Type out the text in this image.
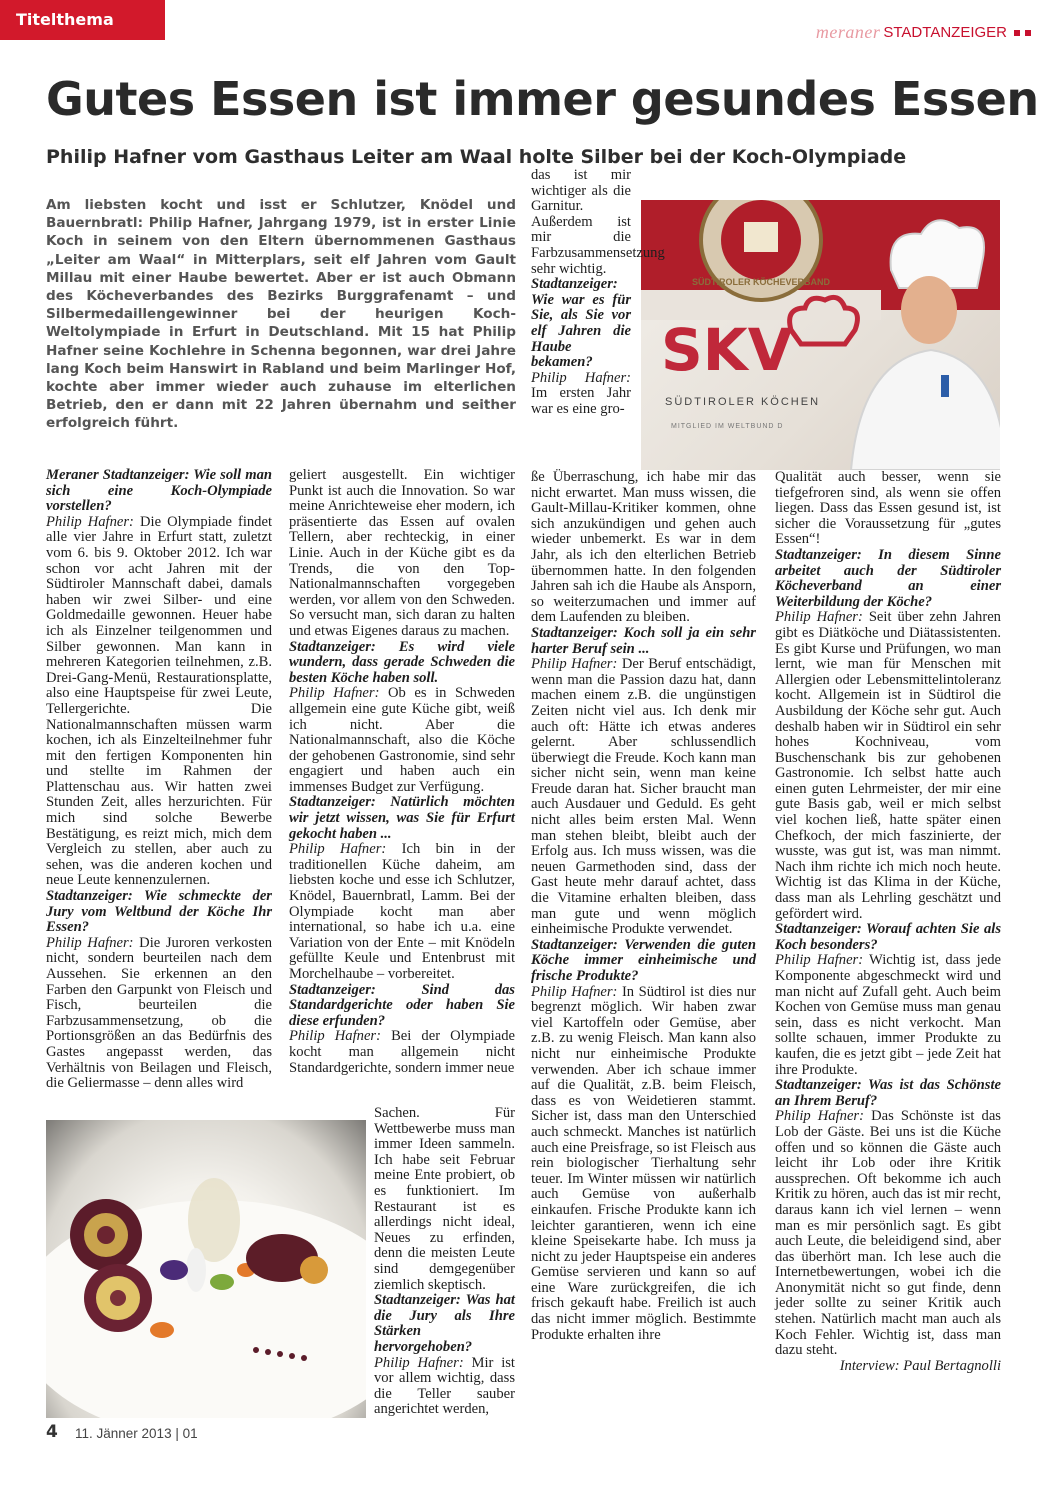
Titelthema
meraner STADTANZEIGER
Gutes Essen ist immer gesundes Essen
Philip Hafner vom Gasthaus Leiter am Waal holte Silber bei der Koch-Olympiade

Am liebsten kocht und isst er Schlutzer, Knödel und Bauernbratl: Philip Hafner, Jahrgang 1979, ist in erster Linie Koch in seinem von den Eltern übernommenen Gasthaus „Leiter am Waal“ in Mitterplars, seit elf Jahren vom Gault Millau mit einer Haube bewertet. Aber er ist auch Obmann des Köcheverbandes des Bezirks Burggrafenamt – und Silbermedaillengewinner bei der heurigen Koch-Weltolympiade in Erfurt in Deutschland. Mit 15 hat Philip Hafner seine Kochlehre in Schenna begonnen, war drei Jahre lang Koch beim Hanswirt in Rabland und beim Marlinger Hof, kochte aber immer wieder auch zuhause im elterlichen Betrieb, den er dann mit 22 Jahren übernahm und seither erfolgreich führt.

SÜDTIROLER KÖCHEVERBAND
SKV
SÜDTIROLER KÖCHEN
MITGLIED IM WELTBUND D

Meraner Stadtanzeiger: Wie soll man sich eine Koch-Olympiade vorstellen?
Philip Hafner: Die Olympiade findet alle vier Jahre in Erfurt statt, zuletzt vom 6. bis 9. Oktober 2012. Ich war schon vor acht Jahren mit der Südtiroler Mannschaft dabei, damals haben wir zwei Silber- und eine Goldmedaille gewonnen. Heuer habe ich als Einzelner teilgenommen und Silber gewonnen. Man kann in mehreren Kategorien teilnehmen, z.B. Drei-Gang-Menü, Restaurationsplatte, also eine Hauptspeise für zwei Leute, Tellergerichte. Die Nationalmannschaften müssen warm kochen, ich als Einzelteilnehmer fuhr mit den fertigen Komponenten hin und stellte im Rahmen der Plattenschau aus. Wir hatten zwei Stunden Zeit, alles herzurichten. Für mich sind solche Bewerbe Bestätigung, es reizt mich, mich dem Vergleich zu stellen, aber auch zu sehen, was die anderen kochen und neue Leute kennenzulernen.

Stadtanzeiger: Wie schmeckte der Jury vom Weltbund der Köche Ihr Essen?
Philip Hafner: Die Juroren verkosten nicht, sondern beurteilen nach dem Aussehen. Sie erkennen an den Farben den Garpunkt von Fleisch und Fisch, beurteilen die Farbzusammensetzung, ob die Portionsgrößen an das Bedürfnis des Gastes angepasst werden, das Verhältnis von Beilagen und Fleisch, die Geliermasse – denn alles wird

geliert ausgestellt. Ein wichtiger Punkt ist auch die Innovation. So war meine Anrichteweise eher modern, ich präsentierte das Essen auf ovalen Tellern, aber rechteckig, in einer Linie. Auch in der Küche gibt es da Trends, die von den Top-Nationalmannschaften vorgegeben werden, vor allem von den Schweden. So versucht man, sich daran zu halten und etwas Eigenes daraus zu machen.

Stadtanzeiger: Es wird viele wundern, dass gerade Schweden die besten Köche haben soll.
Philip Hafner: Ob es in Schweden allgemein eine gute Küche gibt, weiß ich nicht. Aber die Nationalmannschaft, also die Köche der gehobenen Gastronomie, sind sehr engagiert und haben auch ein immenses Budget zur Verfügung.

Stadtanzeiger: Natürlich möchten wir jetzt wissen, was Sie für Erfurt gekocht haben ...
Philip Hafner: Ich bin in der traditionellen Küche daheim, am liebsten koche und esse ich Schlutzer, Knödel, Bauernbratl, Lamm. Bei der Olympiade kocht man aber international, so habe ich u.a. eine Variation von der Ente – mit Knödeln gefüllte Keule und Entenbrust mit Morchelhaube – vorbereitet.

Stadtanzeiger: Sind das Standardgerichte oder haben Sie diese erfunden?
Philip Hafner: Bei der Olympiade kocht man allgemein nicht Standardgerichte, sondern immer neue

Sachen. Für Wettbewerbe muss man immer Ideen sammeln. Ich habe seit Februar meine Ente probiert, ob es funktioniert. Im Restaurant ist es allerdings nicht ideal, Neues zu erfinden, denn die meisten Leute sind demgegenüber ziemlich skeptisch.

Stadtanzeiger: Was hat die Jury als Ihre Stärken hervorgehoben?
Philip Hafner: Mir ist vor allem wichtig, dass die Teller sauber angerichtet werden,

das ist mir wichtiger als die Garnitur. Außerdem ist mir die Farbzusammensetzung sehr wichtig.

Stadtanzeiger: Wie war es für Sie, als Sie vor elf Jahren die Haube bekamen?
Philip Hafner: Im ersten Jahr war es eine gro-

ße Überraschung, ich habe mir das nicht erwartet. Man muss wissen, die Gault-Millau-Kritiker kommen, ohne sich anzukündigen und gehen auch wieder unbemerkt. Es war in dem Jahr, als ich den elterlichen Betrieb übernommen hatte. In den folgenden Jahren sah ich die Haube als Ansporn, so weiterzumachen und immer auf dem Laufenden zu bleiben.

Stadtanzeiger: Koch soll ja ein sehr harter Beruf sein ...
Philip Hafner: Der Beruf entschädigt, wenn man die Passion dazu hat, dann machen einem z.B. die ungünstigen Zeiten nicht viel aus. Ich denk mir auch oft: Hätte ich etwas anderes gelernt. Aber schlussendlich überwiegt die Freude. Koch kann man sicher nicht sein, wenn man keine Freude daran hat. Sicher braucht man auch Ausdauer und Geduld. Es geht nicht alles beim ersten Mal. Wenn man stehen bleibt, bleibt auch der Erfolg aus. Ich muss wissen, was die neuen Garmethoden sind, dass der Gast heute mehr darauf achtet, dass die Vitamine erhalten bleiben, dass man gute und wenn möglich einheimische Produkte verwendet.

Stadtanzeiger: Verwenden die guten Köche immer einheimische und frische Produkte?
Philip Hafner: In Südtirol ist dies nur begrenzt möglich. Wir haben zwar viel Kartoffeln oder Gemüse, aber z.B. zu wenig Fleisch. Man kann also nicht nur einheimische Produkte verwenden. Aber ich schaue immer auf die Qualität, z.B. beim Fleisch, dass es von Weidetieren stammt. Sicher ist, dass man den Unterschied auch schmeckt. Manches ist natürlich auch eine Preisfrage, so ist Fleisch aus rein biologischer Tierhaltung sehr teuer. Im Winter müssen wir natürlich auch Gemüse von außerhalb einkaufen. Frische Produkte kann ich leichter garantieren, wenn ich eine kleine Speisekarte habe. Ich muss ja nicht zu jeder Hauptspeise ein anderes Gemüse servieren und kann so auf eine Ware zurückgreifen, die ich frisch gekauft habe. Freilich ist auch das nicht immer möglich. Bestimmte Produkte erhalten ihre

Qualität auch besser, wenn sie tiefgefroren sind, als wenn sie offen liegen. Dass das Essen gesund ist, ist sicher die Voraussetzung für „gutes Essen“!

Stadtanzeiger: In diesem Sinne arbeitet auch der Südtiroler Köcheverband an einer Weiterbildung der Köche?
Philip Hafner: Seit über zehn Jahren gibt es Diätköche und Diätassistenten. Es gibt Kurse und Prüfungen, wo man lernt, wie man für Menschen mit Allergien oder Lebensmittelintoleranz kocht. Allgemein ist in Südtirol die Ausbildung der Köche sehr gut. Auch deshalb haben wir in Südtirol ein sehr hohes Kochniveau, vom Buschenschank bis zur gehobenen Gastronomie. Ich selbst hatte auch einen guten Lehrmeister, der mir eine gute Basis gab, weil er mich selbst viel kochen ließ, hatte später einen Chefkoch, der mich faszinierte, der wusste, was gut ist, was man nimmt. Nach ihm richte ich mich noch heute. Wichtig ist das Klima in der Küche, dass man als Lehrling geschätzt und gefördert wird.

Stadtanzeiger: Worauf achten Sie als Koch besonders?
Philip Hafner: Wichtig ist, dass jede Komponente abgeschmeckt wird und man nicht auf Zufall geht. Auch beim Kochen von Gemüse muss man genau sein, dass es nicht verkocht. Man sollte schauen, immer Produkte zu kaufen, die es jetzt gibt – jede Zeit hat ihre Produkte.

Stadtanzeiger: Was ist das Schönste an Ihrem Beruf?
Philip Hafner: Das Schönste ist das Lob der Gäste. Bei uns ist die Küche offen und so können die Gäste auch leicht ihr Lob oder ihre Kritik aussprechen. Oft bekomme ich auch Kritik zu hören, auch das ist mir recht, daraus kann ich viel lernen – wenn man es mir persönlich sagt. Es gibt auch Leute, die beleidigend sind, aber das überhört man. Ich lese auch die Internetbewertungen, wobei ich die Anonymität nicht so gut finde, denn jeder sollte zu seiner Kritik auch stehen. Natürlich macht man auch als Koch Fehler. Wichtig ist, dass man dazu steht.

Interview: Paul Bertagnolli

4 11. Jänner 2013 | 01
